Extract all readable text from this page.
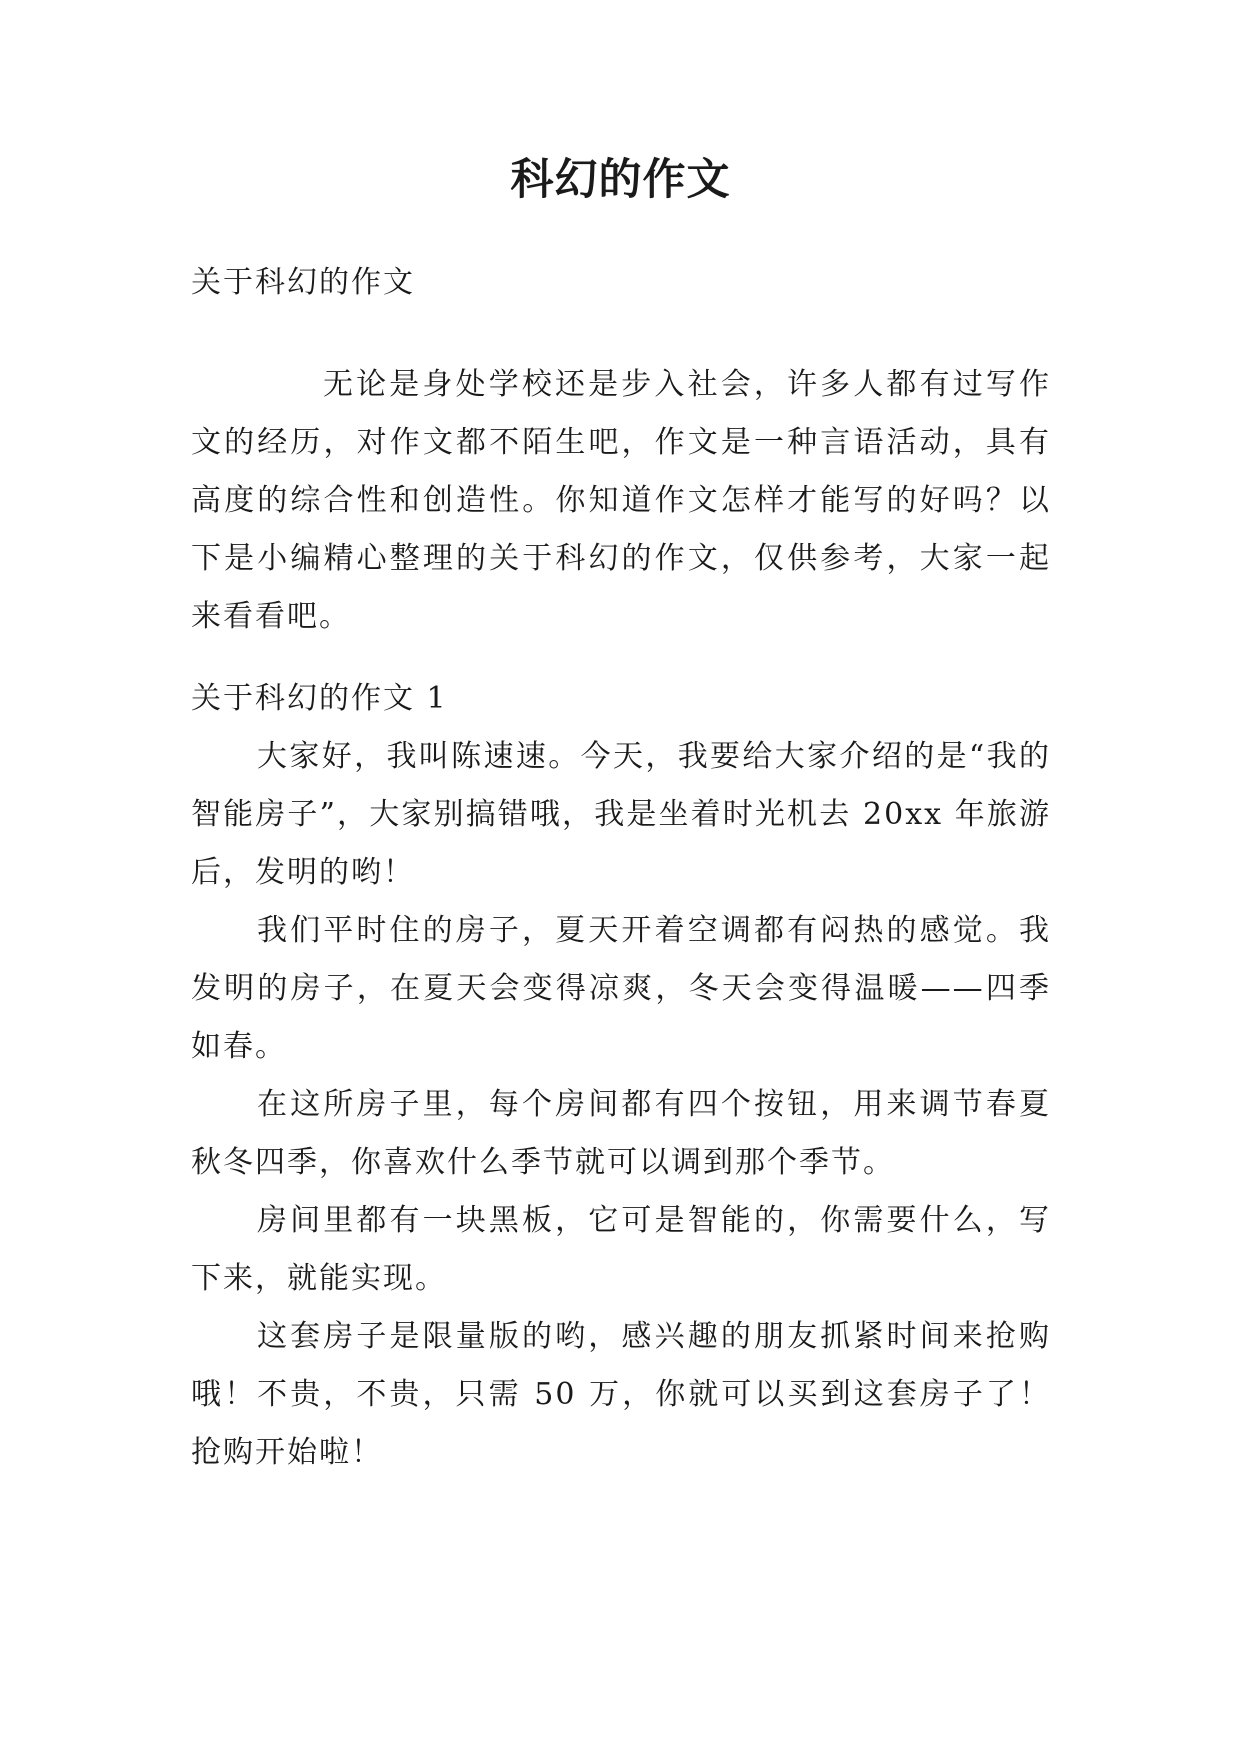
科幻的作文

关于科幻的作文

无论是身处学校还是步入社会，许多人都有过写作文的经历，对作文都不陌生吧，作文是一种言语活动，具有高度的综合性和创造性。你知道作文怎样才能写的好吗？以下是小编精心整理的关于科幻的作文，仅供参考，大家一起来看看吧。

关于科幻的作文 1

大家好，我叫陈速速。今天，我要给大家介绍的是“我的智能房子”，大家别搞错哦，我是坐着时光机去 20xx 年旅游后，发明的哟！

我们平时住的房子，夏天开着空调都有闷热的感觉。我发明的房子，在夏天会变得凉爽，冬天会变得温暖——四季如春。

在这所房子里，每个房间都有四个按钮，用来调节春夏秋冬四季，你喜欢什么季节就可以调到那个季节。

房间里都有一块黑板，它可是智能的，你需要什么，写下来，就能实现。

这套房子是限量版的哟，感兴趣的朋友抓紧时间来抢购哦！不贵，不贵，只需 50 万，你就可以买到这套房子了！抢购开始啦！
